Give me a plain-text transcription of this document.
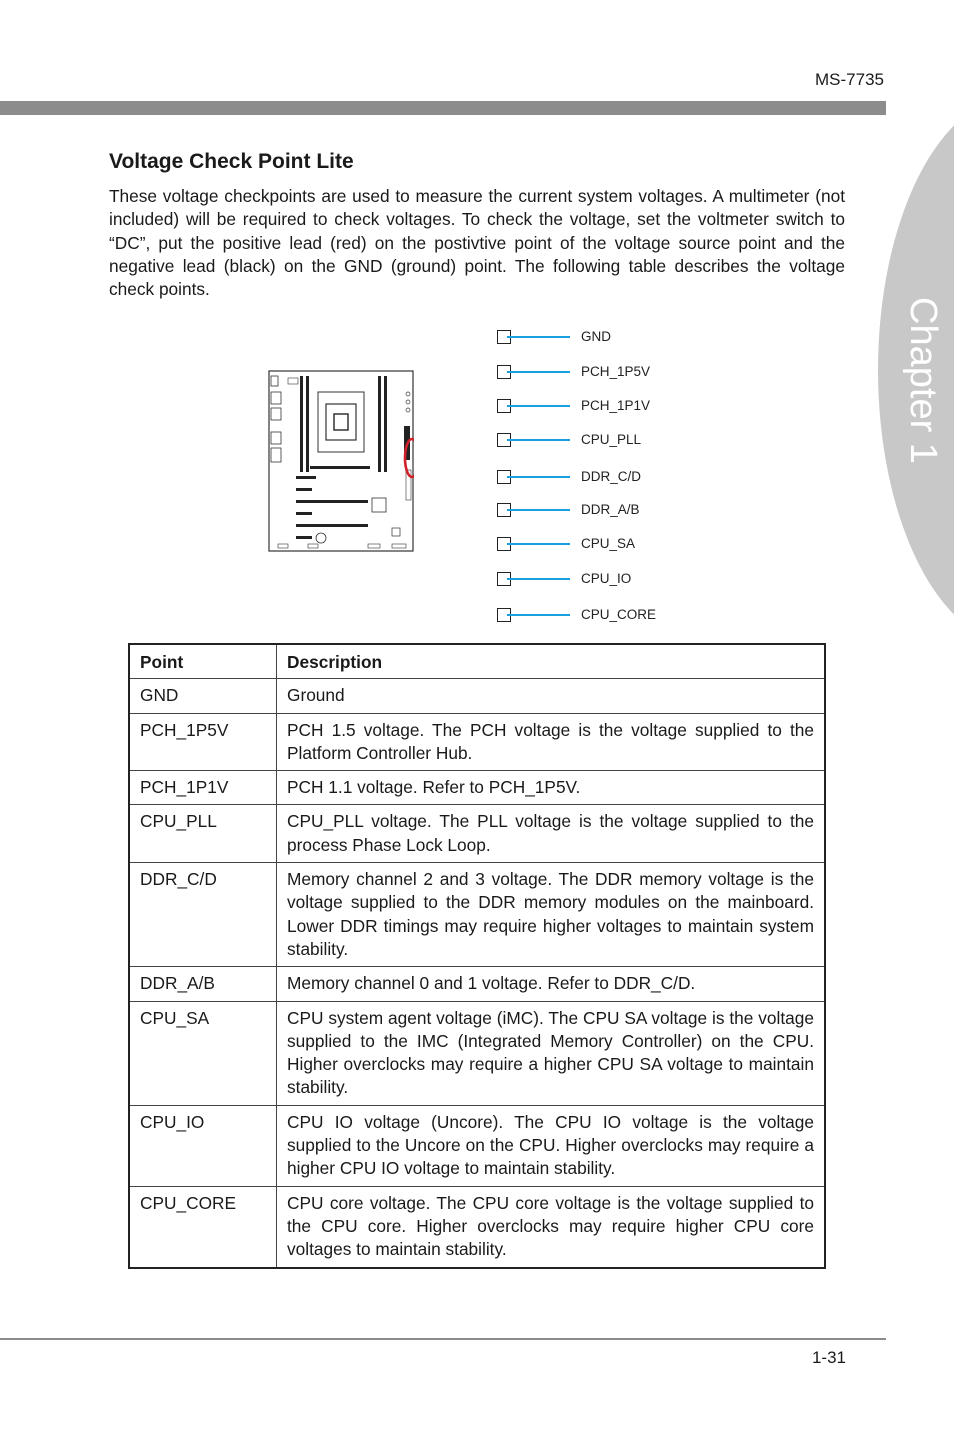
MS-7735
Chapter 1
Voltage Check Point Lite

These voltage checkpoints are used to measure the current system voltages. A multimeter (not included) will be required to check voltages. To check the voltage, set the voltmeter switch to “DC”, put the positive lead (red) on the postivtive point of the voltage source point and the negative lead (black) on the GND (ground) point. The following table describes the voltage check points.

GND
PCH_1P5V
PCH_1P1V
CPU_PLL
DDR_C/D
DDR_A/B
CPU_SA
CPU_IO
CPU_CORE
Point	Description
GND	Ground
PCH_1P5V	PCH 1.5 voltage. The PCH voltage is the voltage supplied to the Platform Controller Hub.
PCH_1P1V	PCH 1.1 voltage. Refer to PCH_1P5V.
CPU_PLL	CPU_PLL voltage. The PLL voltage is the voltage supplied to the process Phase Lock Loop.
DDR_C/D	Memory channel 2 and 3 voltage. The DDR memory voltage is the voltage supplied to the DDR memory modules on the mainboard. Lower DDR timings may require higher voltages to maintain system stability.
DDR_A/B	Memory channel 0 and 1 voltage. Refer to DDR_C/D.
CPU_SA	CPU system agent voltage (iMC). The CPU SA voltage is the voltage supplied to the IMC (Integrated Memory Controller) on the CPU. Higher overclocks may require a higher CPU SA voltage to maintain stability.
CPU_IO	CPU IO voltage (Uncore). The CPU IO voltage is the voltage supplied to the Uncore on the CPU. Higher overclocks may require a higher CPU IO voltage to maintain stability.
CPU_CORE	CPU core voltage. The CPU core voltage is the voltage supplied to the CPU core. Higher overclocks may require higher CPU core voltages to maintain stability.
1-31
